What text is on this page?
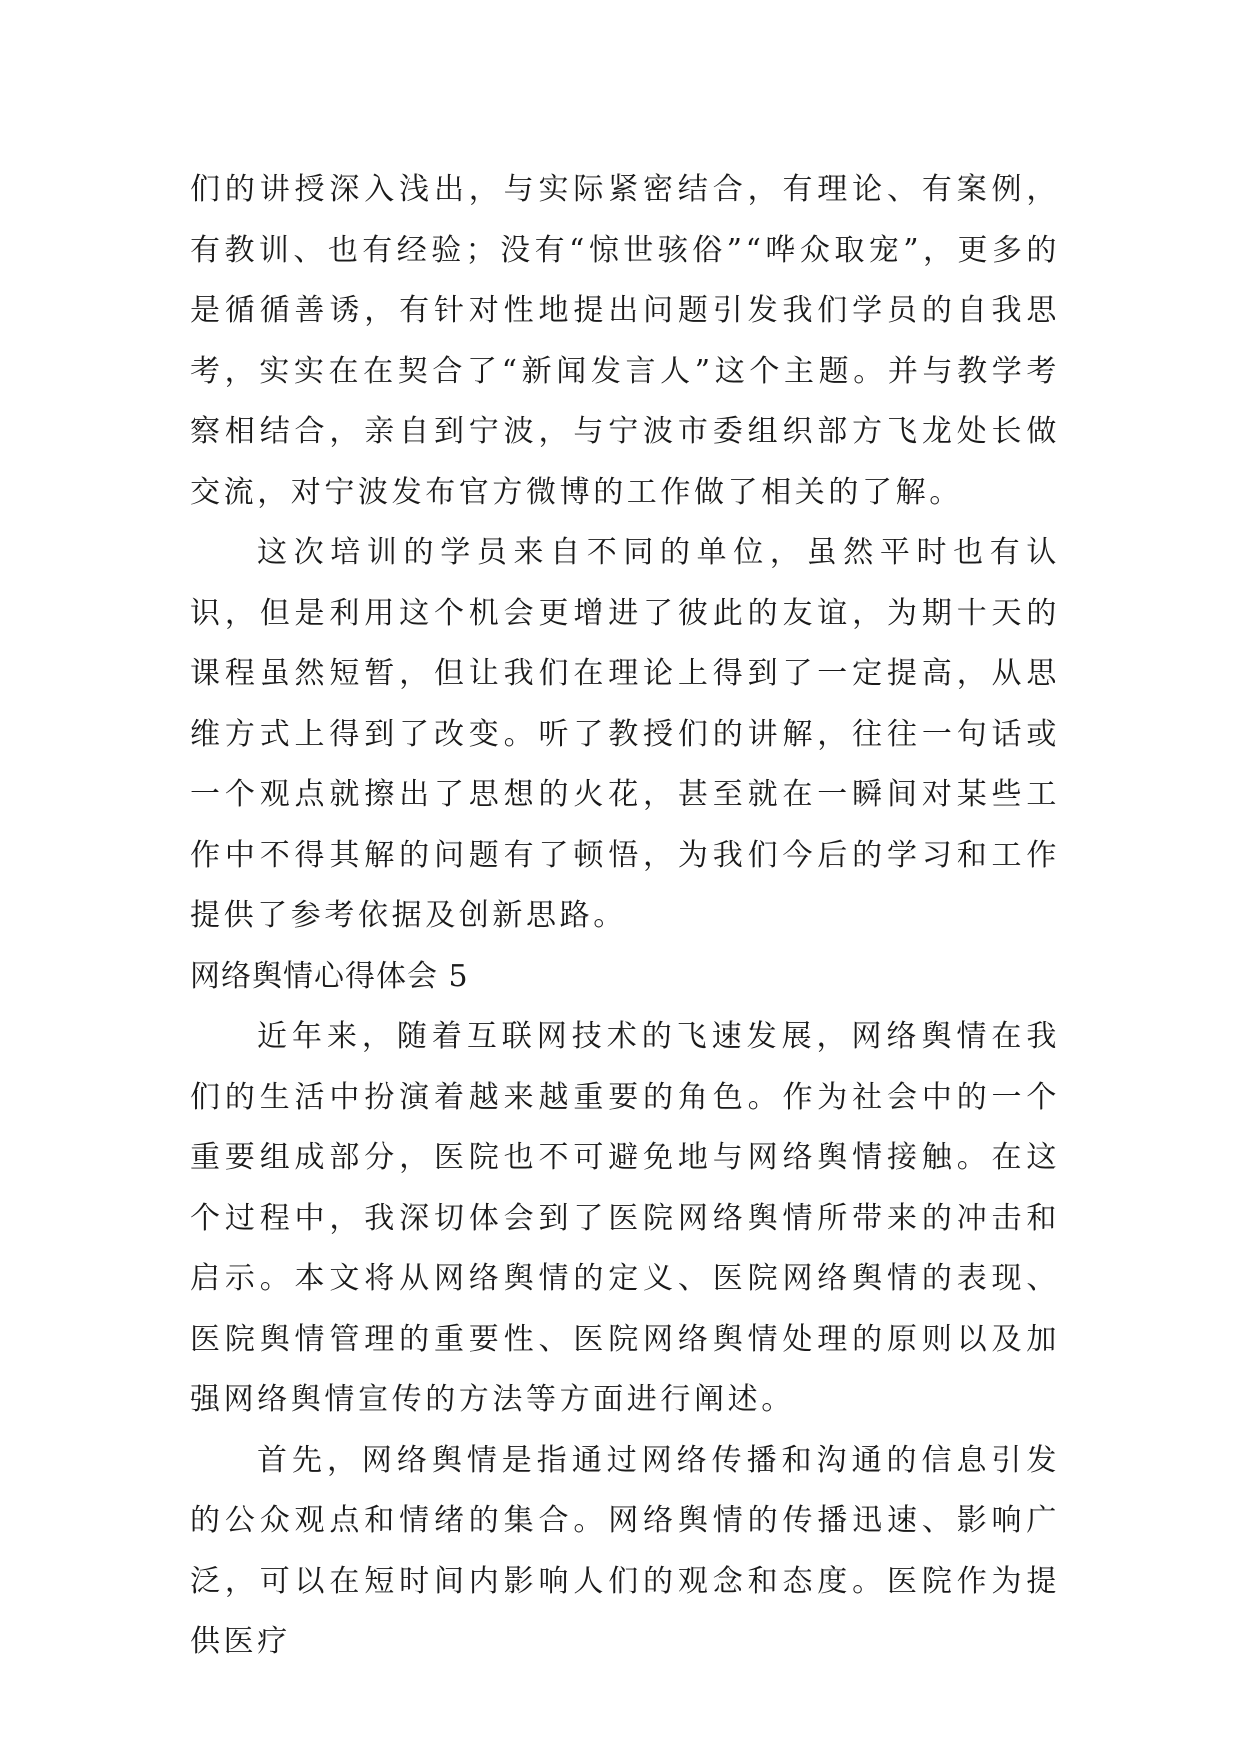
们的讲授深入浅出，与实际紧密结合，有理论、有案例，有教训、也有经验；没有“惊世骇俗”“哗众取宠”，更多的是循循善诱，有针对性地提出问题引发我们学员的自我思考，实实在在契合了“新闻发言人”这个主题。并与教学考察相结合，亲自到宁波，与宁波市委组织部方飞龙处长做交流，对宁波发布官方微博的工作做了相关的了解。

这次培训的学员来自不同的单位，虽然平时也有认识，但是利用这个机会更增进了彼此的友谊，为期十天的课程虽然短暂，但让我们在理论上得到了一定提高，从思维方式上得到了改变。听了教授们的讲解，往往一句话或一个观点就擦出了思想的火花，甚至就在一瞬间对某些工作中不得其解的问题有了顿悟，为我们今后的学习和工作提供了参考依据及创新思路。

网络舆情心得体会 5

近年来，随着互联网技术的飞速发展，网络舆情在我们的生活中扮演着越来越重要的角色。作为社会中的一个重要组成部分，医院也不可避免地与网络舆情接触。在这个过程中，我深切体会到了医院网络舆情所带来的冲击和启示。本文将从网络舆情的定义、医院网络舆情的表现、医院舆情管理的重要性、医院网络舆情处理的原则以及加强网络舆情宣传的方法等方面进行阐述。

首先，网络舆情是指通过网络传播和沟通的信息引发的公众观点和情绪的集合。网络舆情的传播迅速、影响广泛，可以在短时间内影响人们的观念和态度。医院作为提供医疗
